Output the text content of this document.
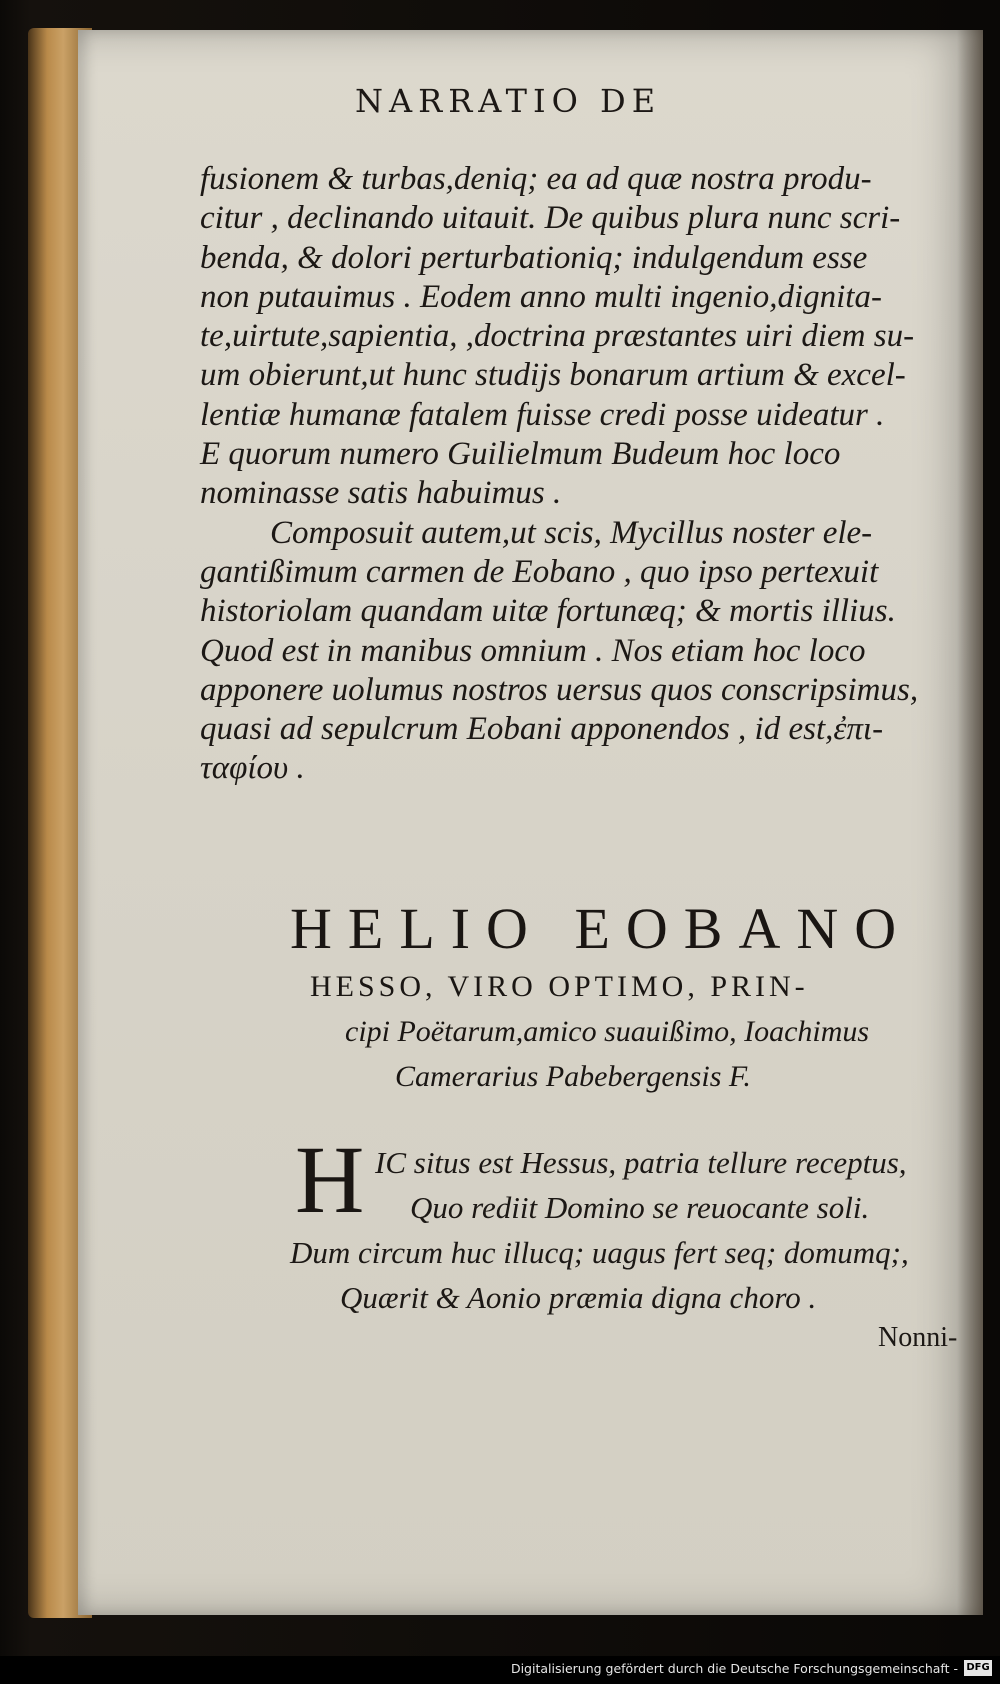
NARRATIO DE
fusionem & turbas,deniq; ea ad quæ nostra produ-
citur , declinando uitauit. De quibus plura nunc scri-
benda, & dolori perturbationiq; indulgendum esse
non putauimus . Eodem anno multi ingenio,dignita-
te,uirtute,sapientia, ,doctrina præstantes uiri diem su-
um obierunt,ut hunc studijs bonarum artium & excel-
lentiæ humanæ fatalem fuisse credi posse uideatur .
E quorum numero Guilielmum Budeum hoc loco
nominasse satis habuimus .
Composuit autem,ut scis, Mycillus noster ele-
gantißimum carmen de Eobano , quo ipso pertexuit
historiolam quandam uitæ fortunæq; & mortis illius.
Quod est in manibus omnium . Nos etiam hoc loco
apponere uolumus nostros uersus quos conscripsimus,
quasi ad sepulcrum Eobani apponendos , id est,ἐπι-
ταφίου .
HELIO EOBANO
HESSO, VIRO OPTIMO, PRIN-
cipi Poëtarum,amico suauißimo, Ioachimus
Camerarius Pabebergensis F.
H IC situs est Hessus, patria tellure receptus,
Quo rediit Domino se reuocante soli.
Dum circum huc illucq; uagus fert seq; domumq;,
Quærit & Aonio præmia digna choro .
Nonni-
Digitalisierung gefördert durch die Deutsche Forschungsgemeinschaft - DFG
